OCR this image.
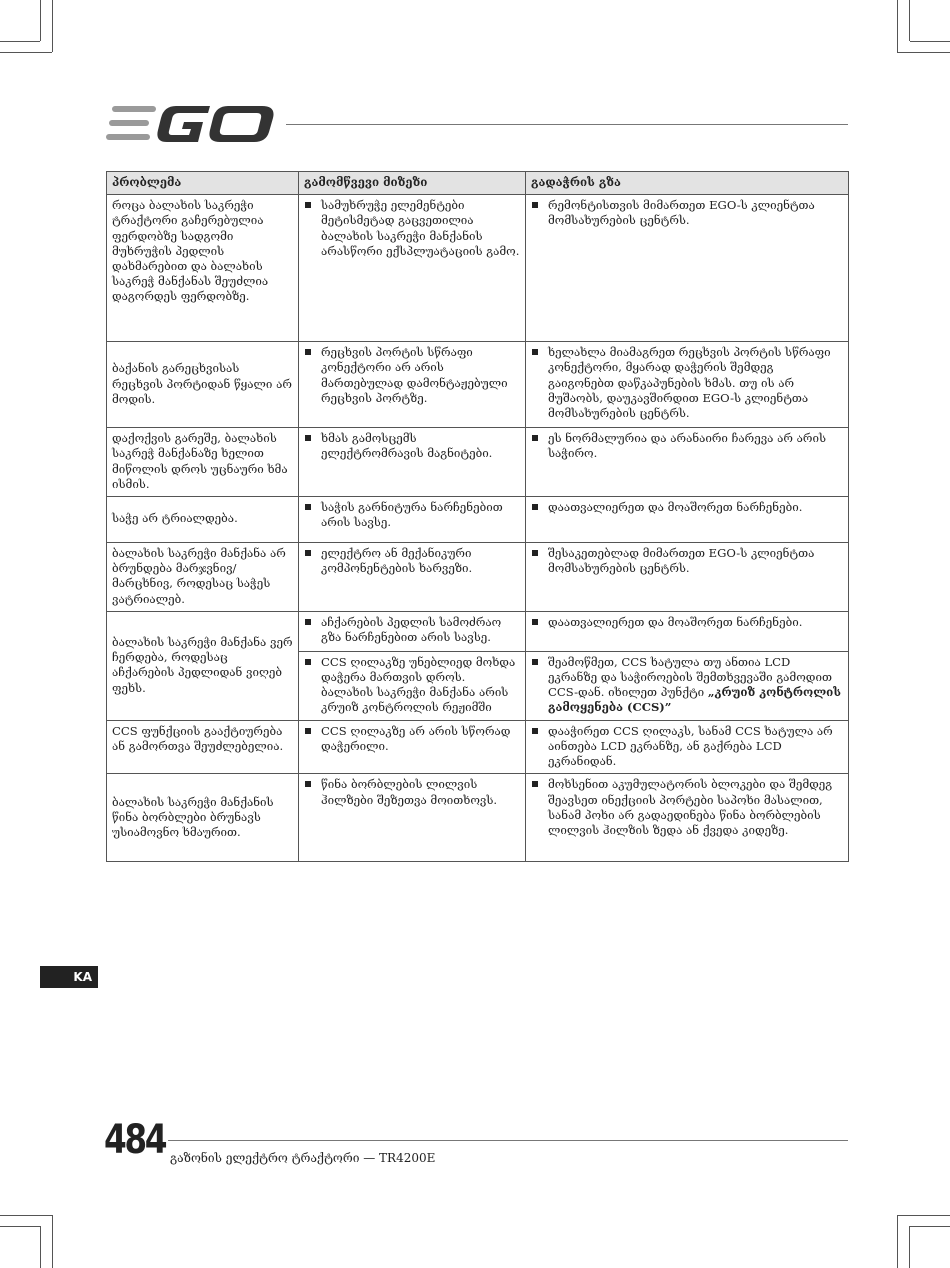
პრობლემა	გამომწვევი მიზეზი	გადაჭრის გზა
როცა ბალახის საკრეჭი ტრაქტორი გაჩერებულია ფერდობზე სადგომი მუხრუჭის პედლის დახმარებით და ბალახის საკრეჭ მანქანას შეუძლია დაგორდეს ფერდობზე.	სამუხრუჭე ელემენტები მეტისმეტად გაცვეთილია ბალახის საკრეჭი მანქანის არასწორი ექსპლუატაციის გამო.	რემონტისთვის მიმართეთ EGO-ს კლიენტთა მომსახურების ცენტრს.
ბაქანის გარეცხვისას რეცხვის პორტიდან წყალი არ მოდის.	რეცხვის პორტის სწრაფი კონექტორი არ არის მართებულად დამონტაჟებული რეცხვის პორტზე.	ხელახლა მიამაგრეთ რეცხვის პორტის სწრაფი კონექტორი, მყარად დაჭერის შემდეგ გაიგონებთ დაწკაპუნების ხმას. თუ ის არ მუშაობს, დაუკავშირდით EGO-ს კლიენტთა მომსახურების ცენტრს.
დაქოქვის გარეშე, ბალახის საკრეჭ მანქანაზე ხელით მიწოლის დროს უცნაური ხმა ისმის.	ხმას გამოსცემს ელექტრომრავის მაგნიტები.	ეს ნორმალურია და არანაირი ჩარევა არ არის საჭირო.
საჭე არ ტრიალდება.	საჭის გარნიტურა ნარჩენებით არის სავსე.	დაათვალიერეთ და მოაშორეთ ნარჩენები.
ბალახის საკრეჭი მანქანა არ ბრუნდება მარჯვნივ/ მარცხნივ, როდესაც საჭეს ვატრიალებ.	ელექტრო ან მექანიკური კომპონენტების ხარვეზი.	შესაკეთებლად მიმართეთ EGO-ს კლიენტთა მომსახურების ცენტრს.
ბალახის საკრეჭი მანქანა ვერ ჩერდება, როდესაც აჩქარების პედლიდან ვიღებ ფეხს.	აჩქარების პედლის სამოძრაო გზა ნარჩენებით არის სავსე.	დაათვალიერეთ და მოაშორეთ ნარჩენები.

CCS ღილაკზე უნებლიედ მოხდა დაჭერა მართვის დროს. ბალახის საკრეჭი მანქანა არის კრუიზ კონტროლის რეჟიმში	შეამოწმეთ, CCS ხატულა თუ ანთია LCD ეკრანზე და საჭიროების შემთხვევაში გამოდით CCS-დან. იხილეთ პუნქტი „კრუიზ კონტროლის გამოყენება (CCS)”
CCS ფუნქციის გააქტიურება ან გამორთვა შეუძლებელია.	CCS ღილაკზე არ არის სწორად დაჭერილი.	დააჭირეთ CCS ღილაკს, სანამ CCS ხატულა არ აინთება LCD ეკრანზე, ან გაქრება LCD ეკრანიდან.
ბალახის საკრეჭი მანქანის წინა ბორბლები ბრუნავს უსიამოვნო ხმაურით.	წინა ბორბლების ლილვის ჰილზები შეზეთვა მოითხოვს.	მოხსენით აკუმულატორის ბლოკები და შემდეგ შეავსეთ ინექციის პორტები საპოხი მასალით, სანამ პოხი არ გადაედინება წინა ბორბლების ლილვის ჰილზის ზედა ან ქვედა კიდეზე.
KA
484 გაზონის ელექტრო ტრაქტორი — TR4200E
